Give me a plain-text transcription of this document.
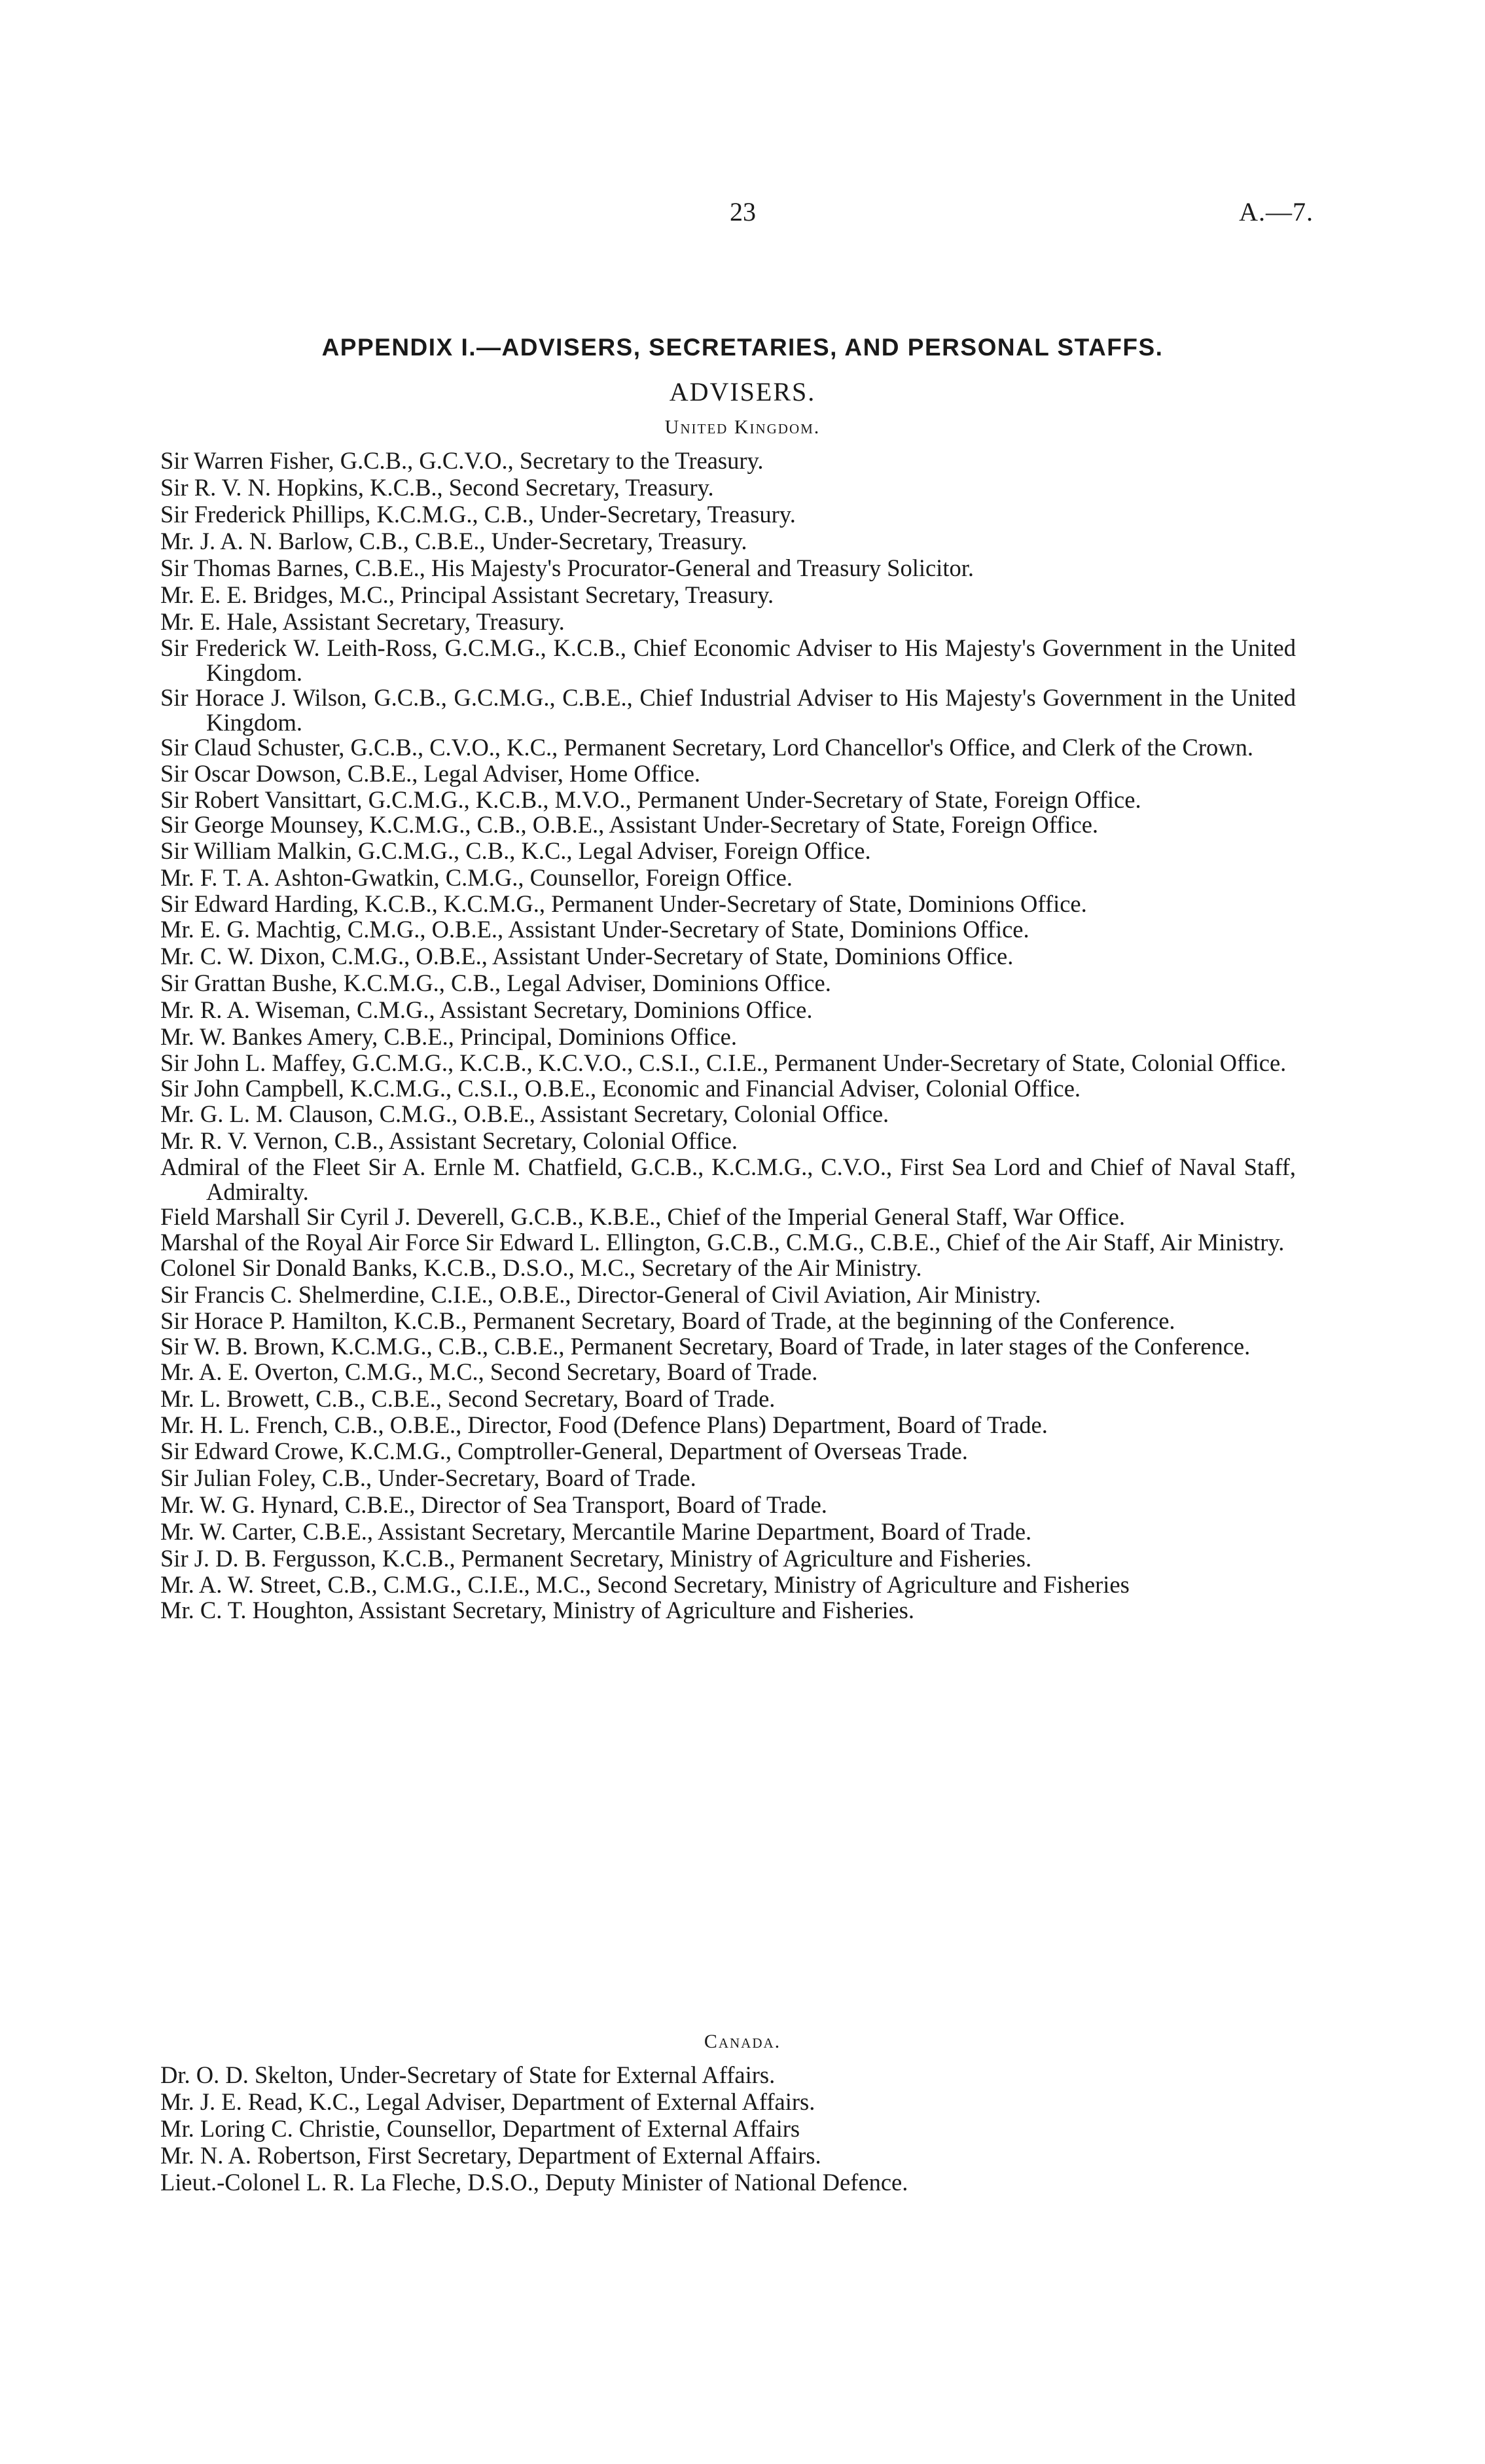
23	A.—7.
APPENDIX I.—ADVISERS, SECRETARIES, AND PERSONAL STAFFS.
ADVISERS.
United Kingdom.
Sir Warren Fisher, G.C.B., G.C.V.O., Secretary to the Treasury.
Sir R. V. N. Hopkins, K.C.B., Second Secretary, Treasury.
Sir Frederick Phillips, K.C.M.G., C.B., Under-Secretary, Treasury.
Mr. J. A. N. Barlow, C.B., C.B.E., Under-Secretary, Treasury.
Sir Thomas Barnes, C.B.E., His Majesty's Procurator-General and Treasury Solicitor.
Mr. E. E. Bridges, M.C., Principal Assistant Secretary, Treasury.
Mr. E. Hale, Assistant Secretary, Treasury.
Sir Frederick W. Leith-Ross, G.C.M.G., K.C.B., Chief Economic Adviser to His Majesty's Government in the United Kingdom.
Sir Horace J. Wilson, G.C.B., G.C.M.G., C.B.E., Chief Industrial Adviser to His Majesty's Government in the United Kingdom.
Sir Claud Schuster, G.C.B., C.V.O., K.C., Permanent Secretary, Lord Chancellor's Office, and Clerk of the Crown.
Sir Oscar Dowson, C.B.E., Legal Adviser, Home Office.
Sir Robert Vansittart, G.C.M.G., K.C.B., M.V.O., Permanent Under-Secretary of State, Foreign Office.
Sir George Mounsey, K.C.M.G., C.B., O.B.E., Assistant Under-Secretary of State, Foreign Office.
Sir William Malkin, G.C.M.G., C.B., K.C., Legal Adviser, Foreign Office.
Mr. F. T. A. Ashton-Gwatkin, C.M.G., Counsellor, Foreign Office.
Sir Edward Harding, K.C.B., K.C.M.G., Permanent Under-Secretary of State, Dominions Office.
Mr. E. G. Machtig, C.M.G., O.B.E., Assistant Under-Secretary of State, Dominions Office.
Mr. C. W. Dixon, C.M.G., O.B.E., Assistant Under-Secretary of State, Dominions Office.
Sir Grattan Bushe, K.C.M.G., C.B., Legal Adviser, Dominions Office.
Mr. R. A. Wiseman, C.M.G., Assistant Secretary, Dominions Office.
Mr. W. Bankes Amery, C.B.E., Principal, Dominions Office.
Sir John L. Maffey, G.C.M.G., K.C.B., K.C.V.O., C.S.I., C.I.E., Permanent Under-Secretary of State, Colonial Office.
Sir John Campbell, K.C.M.G., C.S.I., O.B.E., Economic and Financial Adviser, Colonial Office.
Mr. G. L. M. Clauson, C.M.G., O.B.E., Assistant Secretary, Colonial Office.
Mr. R. V. Vernon, C.B., Assistant Secretary, Colonial Office.
Admiral of the Fleet Sir A. Ernle M. Chatfield, G.C.B., K.C.M.G., C.V.O., First Sea Lord and Chief of Naval Staff, Admiralty.
Field Marshall Sir Cyril J. Deverell, G.C.B., K.B.E., Chief of the Imperial General Staff, War Office.
Marshal of the Royal Air Force Sir Edward L. Ellington, G.C.B., C.M.G., C.B.E., Chief of the Air Staff, Air Ministry.
Colonel Sir Donald Banks, K.C.B., D.S.O., M.C., Secretary of the Air Ministry.
Sir Francis C. Shelmerdine, C.I.E., O.B.E., Director-General of Civil Aviation, Air Ministry.
Sir Horace P. Hamilton, K.C.B., Permanent Secretary, Board of Trade, at the beginning of the Conference.
Sir W. B. Brown, K.C.M.G., C.B., C.B.E., Permanent Secretary, Board of Trade, in later stages of the Conference.
Mr. A. E. Overton, C.M.G., M.C., Second Secretary, Board of Trade.
Mr. L. Browett, C.B., C.B.E., Second Secretary, Board of Trade.
Mr. H. L. French, C.B., O.B.E., Director, Food (Defence Plans) Department, Board of Trade.
Sir Edward Crowe, K.C.M.G., Comptroller-General, Department of Overseas Trade.
Sir Julian Foley, C.B., Under-Secretary, Board of Trade.
Mr. W. G. Hynard, C.B.E., Director of Sea Transport, Board of Trade.
Mr. W. Carter, C.B.E., Assistant Secretary, Mercantile Marine Department, Board of Trade.
Sir J. D. B. Fergusson, K.C.B., Permanent Secretary, Ministry of Agriculture and Fisheries.
Mr. A. W. Street, C.B., C.M.G., C.I.E., M.C., Second Secretary, Ministry of Agriculture and Fisheries
Mr. C. T. Houghton, Assistant Secretary, Ministry of Agriculture and Fisheries.
Canada.
Dr. O. D. Skelton, Under-Secretary of State for External Affairs.
Mr. J. E. Read, K.C., Legal Adviser, Department of External Affairs.
Mr. Loring C. Christie, Counsellor, Department of External Affairs
Mr. N. A. Robertson, First Secretary, Department of External Affairs.
Lieut.-Colonel L. R. La Fleche, D.S.O., Deputy Minister of National Defence.
